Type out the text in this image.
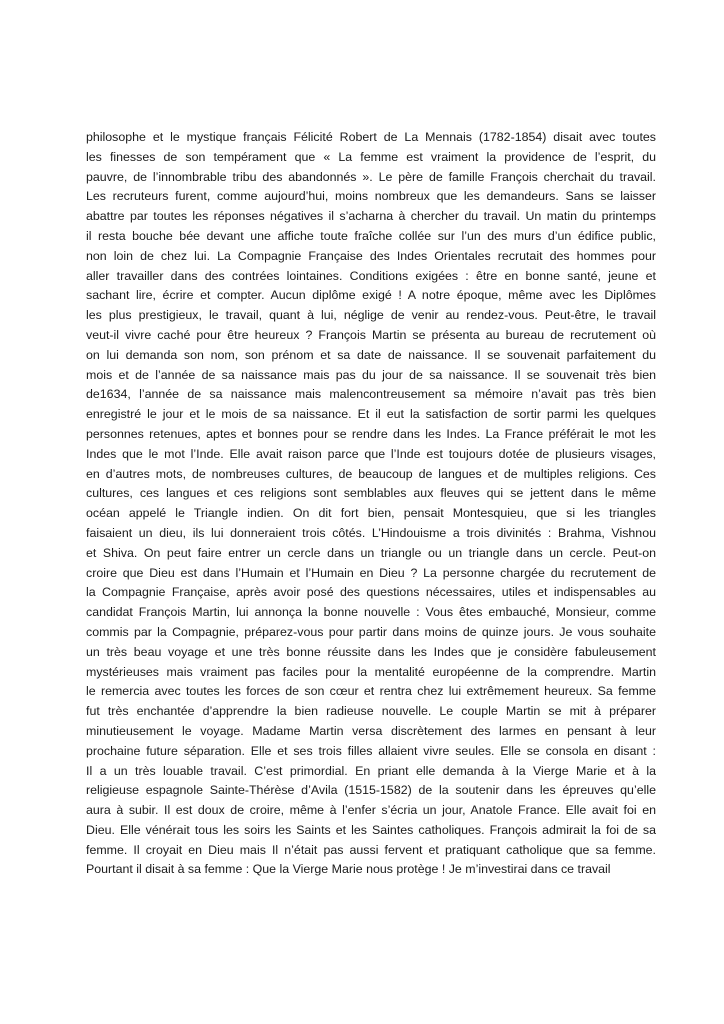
philosophe et le mystique français Félicité Robert de La Mennais (1782-1854) disait avec toutes
les finesses de son tempérament que « La femme est vraiment la providence de l’esprit, du
pauvre, de l’innombrable tribu des abandonnés ». Le père de famille François cherchait du travail.
Les recruteurs furent, comme aujourd’hui, moins nombreux que les demandeurs. Sans se laisser
abattre par toutes les réponses négatives il s’acharna à chercher du travail. Un matin du printemps
il resta bouche bée devant une affiche toute fraîche collée sur l’un des murs d’un édifice public,
non loin de chez lui. La Compagnie Française des Indes Orientales recrutait des hommes pour
aller travailler dans des contrées lointaines. Conditions exigées : être en bonne santé, jeune et
sachant lire, écrire et compter. Aucun diplôme exigé ! A notre époque, même avec les Diplômes
les plus prestigieux, le travail, quant à lui, néglige de venir au rendez-vous. Peut-être, le travail
veut-il vivre caché pour être heureux ? François Martin se présenta au bureau de recrutement où
on lui demanda son nom, son prénom et sa date de naissance. Il se souvenait parfaitement du
mois et de l’année de sa naissance mais pas du jour de sa naissance. Il se souvenait très bien
de1634, l’année de sa naissance mais malencontreusement sa mémoire n’avait pas très bien
enregistré le jour et le mois de sa naissance. Et il eut la satisfaction de sortir parmi les quelques
personnes retenues, aptes et bonnes pour se rendre dans les Indes. La France préférait le mot les
Indes que le mot l’Inde. Elle avait raison parce que l’Inde est toujours dotée de plusieurs visages,
en d’autres mots, de nombreuses cultures, de beaucoup de langues et de multiples religions. Ces
cultures, ces langues et ces religions sont semblables aux fleuves qui se jettent dans le même
océan appelé le Triangle indien. On dit fort bien, pensait Montesquieu, que si les triangles
faisaient un dieu, ils lui donneraient trois côtés. L’Hindouisme a trois divinités : Brahma, Vishnou
et Shiva. On peut faire entrer un cercle dans un triangle ou un triangle dans un cercle. Peut-on
croire que Dieu est dans l’Humain et l’Humain en Dieu ? La personne chargée du recrutement de
la Compagnie Française, après avoir posé des questions nécessaires, utiles et indispensables au
candidat François Martin, lui annonça la bonne nouvelle : Vous êtes embauché, Monsieur, comme
commis par la Compagnie, préparez-vous pour partir dans moins de quinze jours. Je vous souhaite
un très beau voyage et une très bonne réussite dans les Indes que je considère fabuleusement
mystérieuses mais vraiment pas faciles pour la mentalité européenne de la comprendre. Martin
le remercia avec toutes les forces de son cœur et rentra chez lui extrêmement heureux. Sa femme
fut très enchantée d’apprendre la bien radieuse nouvelle. Le couple Martin se mit à préparer
minutieusement le voyage. Madame Martin versa discrètement des larmes en pensant à leur
prochaine future séparation. Elle et ses trois filles allaient vivre seules. Elle se consola en disant :
Il a un très louable travail. C’est primordial. En priant elle demanda à la Vierge Marie et à la
religieuse espagnole Sainte-Thérèse d’Avila (1515-1582) de la soutenir dans les épreuves qu’elle
aura à subir. Il est doux de croire, même à l’enfer s’écria un jour, Anatole France. Elle avait foi en
Dieu. Elle vénérait tous les soirs les Saints et les Saintes catholiques. François admirait la foi de sa
femme. Il croyait en Dieu mais Il n’était pas aussi fervent et pratiquant catholique que sa femme.
Pourtant il disait à sa femme : Que la Vierge Marie nous protège ! Je m’investirai dans ce travail
